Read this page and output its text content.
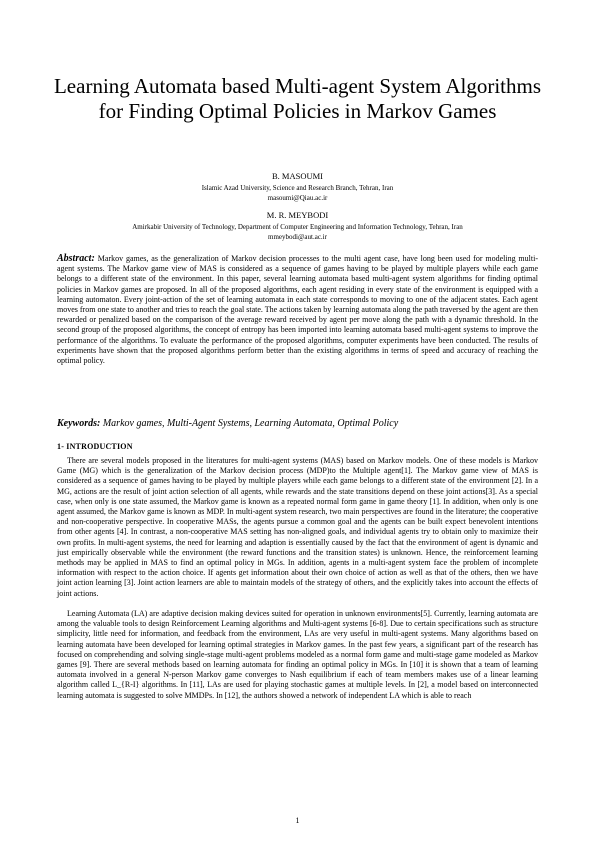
Learning Automata based Multi-agent System Algorithms for Finding Optimal Policies in Markov Games
B. MASOUMI
Islamic Azad University, Science and Research Branch, Tehran, Iran
masoumi@Qiau.ac.ir
M. R. MEYBODI
Amirkabir University of Technology, Department of Computer Engineering and Information Technology, Tehran, Iran
mmeybodi@aut.ac.ir

Abstract: Markov games, as the generalization of Markov decision processes to the multi agent case, have long been used for modeling multi-agent systems. The Markov game view of MAS is considered as a sequence of games having to be played by multiple players while each game belongs to a different state of the environment. In this paper, several learning automata based multi-agent system algorithms for finding optimal policies in Markov games are proposed. In all of the proposed algorithms, each agent residing in every state of the environment is equipped with a learning automaton. Every joint-action of the set of learning automata in each state corresponds to moving to one of the adjacent states. Each agent moves from one state to another and tries to reach the goal state. The actions taken by learning automata along the path traversed by the agent are then rewarded or penalized based on the comparison of the average reward received by agent per move along the path with a dynamic threshold. In the second group of the proposed algorithms, the concept of entropy has been imported into learning automata based multi-agent systems to improve the performance of the algorithms. To evaluate the performance of the proposed algorithms, computer experiments have been conducted. The results of experiments have shown that the proposed algorithms perform better than the existing algorithms in terms of speed and accuracy of reaching the optimal policy.

Keywords: Markov games, Multi-Agent Systems, Learning Automata, Optimal Policy
1- INTRODUCTION

There are several models proposed in the literatures for multi-agent systems (MAS) based on Markov models. One of these models is Markov Game (MG) which is the generalization of the Markov decision process (MDP)to the Multiple agent[1]. The Markov game view of MAS is considered as a sequence of games having to be played by multiple players while each game belongs to a different state of the environment [2]. In a MG, actions are the result of joint action selection of all agents, while rewards and the state transitions depend on these joint actions[3]. As a special case, when only is one state assumed, the Markov game is known as a repeated normal form game in game theory [1]. In addition, when only is one agent assumed, the Markov game is known as MDP. In multi-agent system research, two main perspectives are found in the literature; the cooperative and non-cooperative perspective. In cooperative MASs, the agents pursue a common goal and the agents can be built expect benevolent intentions from other agents [4]. In contrast, a non-cooperative MAS setting has non-aligned goals, and individual agents try to obtain only to maximize their own profits. In multi-agent systems, the need for learning and adaption is essentially caused by the fact that the environment of agent is dynamic and just empirically observable while the environment (the reward functions and the transition states) is unknown. Hence, the reinforcement learning methods may be applied in MAS to find an optimal policy in MGs. In addition, agents in a multi-agent system face the problem of incomplete information with respect to the action choice. If agents get information about their own choice of action as well as that of the others, then we have joint action learning [3]. Joint action learners are able to maintain models of the strategy of others, and the explicitly takes into account the effects of joint actions.

Learning Automata (LA) are adaptive decision making devices suited for operation in unknown environments[5]. Currently, learning automata are among the valuable tools to design Reinforcement Learning algorithms and Multi-agent systems [6-8]. Due to certain specifications such as structure simplicity, little need for information, and feedback from the environment, LAs are very useful in multi-agent systems. Many algorithms based on learning automata have been developed for learning optimal strategies in Markov games. In the past few years, a significant part of the research has focused on comprehending and solving single-stage multi-agent problems modeled as a normal form game and multi-stage game modeled as Markov games [9]. There are several methods based on learning automata for finding an optimal policy in MGs. In [10] it is shown that a team of learning automata involved in a general N-person Markov game converges to Nash equilibrium if each of team members makes use of a linear learning algorithm called L_{R-I} algorithms. In [11], LAs are used for playing stochastic games at multiple levels. In [2], a model based on interconnected learning automata is suggested to solve MMDPs. In [12], the authors showed a network of independent LA which is able to reach

1
